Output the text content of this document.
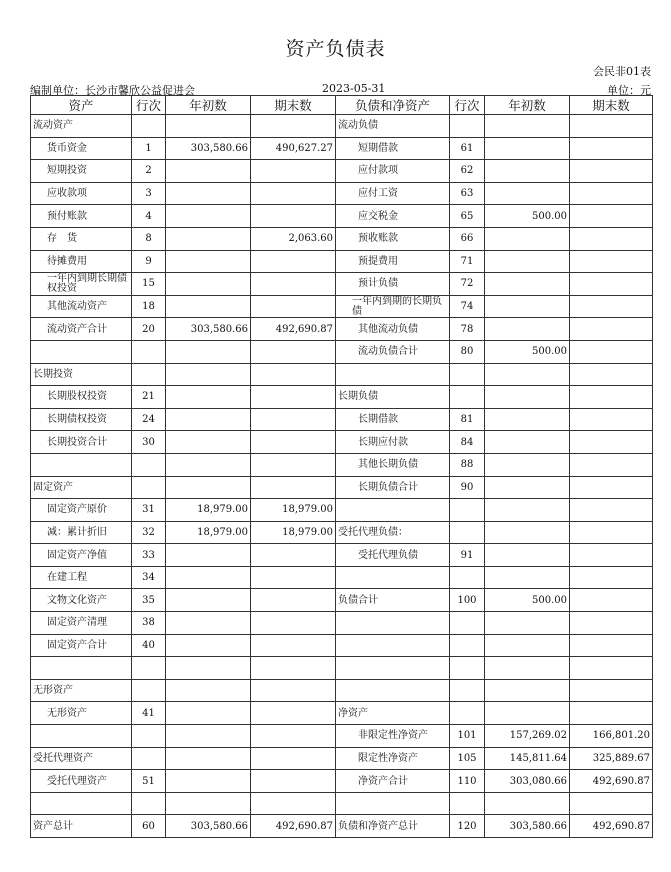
资产负债表
会民非01表
编制单位：长沙市馨欣公益促进会	2023-05-31	单位：元
资产	行次	年初数	期末数	负债和净资产	行次	年初数	期末数
流动资产				流动负债			
货币资金	1	303,580.66	490,627.27	短期借款	61		
短期投资	2			应付款项	62		
应收款项	3			应付工资	63		
预付账款	4			应交税金	65	500.00	
存　货	8		2,063.60	预收账款	66		
待摊费用	9			预提费用	71		
一年内到期长期债权投资	15			预计负债	72		
其他流动资产	18			一年内到期的长期负债	74		
流动资产合计	20	303,580.66	492,690.87	其他流动负债	78		
				流动负债合计	80	500.00	
长期投资							
长期股权投资	21			长期负债			
长期债权投资	24			长期借款	81		
长期投资合计	30			长期应付款	84		
				其他长期负债	88		
固定资产				长期负债合计	90		
固定资产原价	31	18,979.00	18,979.00				
减：累计折旧	32	18,979.00	18,979.00	受托代理负债：			
固定资产净值	33			受托代理负债	91		
在建工程	34						
文物文化资产	35			负债合计	100	500.00	
固定资产清理	38						
固定资产合计	40						

无形资产							
无形资产	41			净资产			
				非限定性净资产	101	157,269.02	166,801.20
受托代理资产				限定性净资产	105	145,811.64	325,889.67
受托代理资产	51			净资产合计	110	303,080.66	492,690.87

资产总计	60	303,580.66	492,690.87	负债和净资产总计	120	303,580.66	492,690.87
